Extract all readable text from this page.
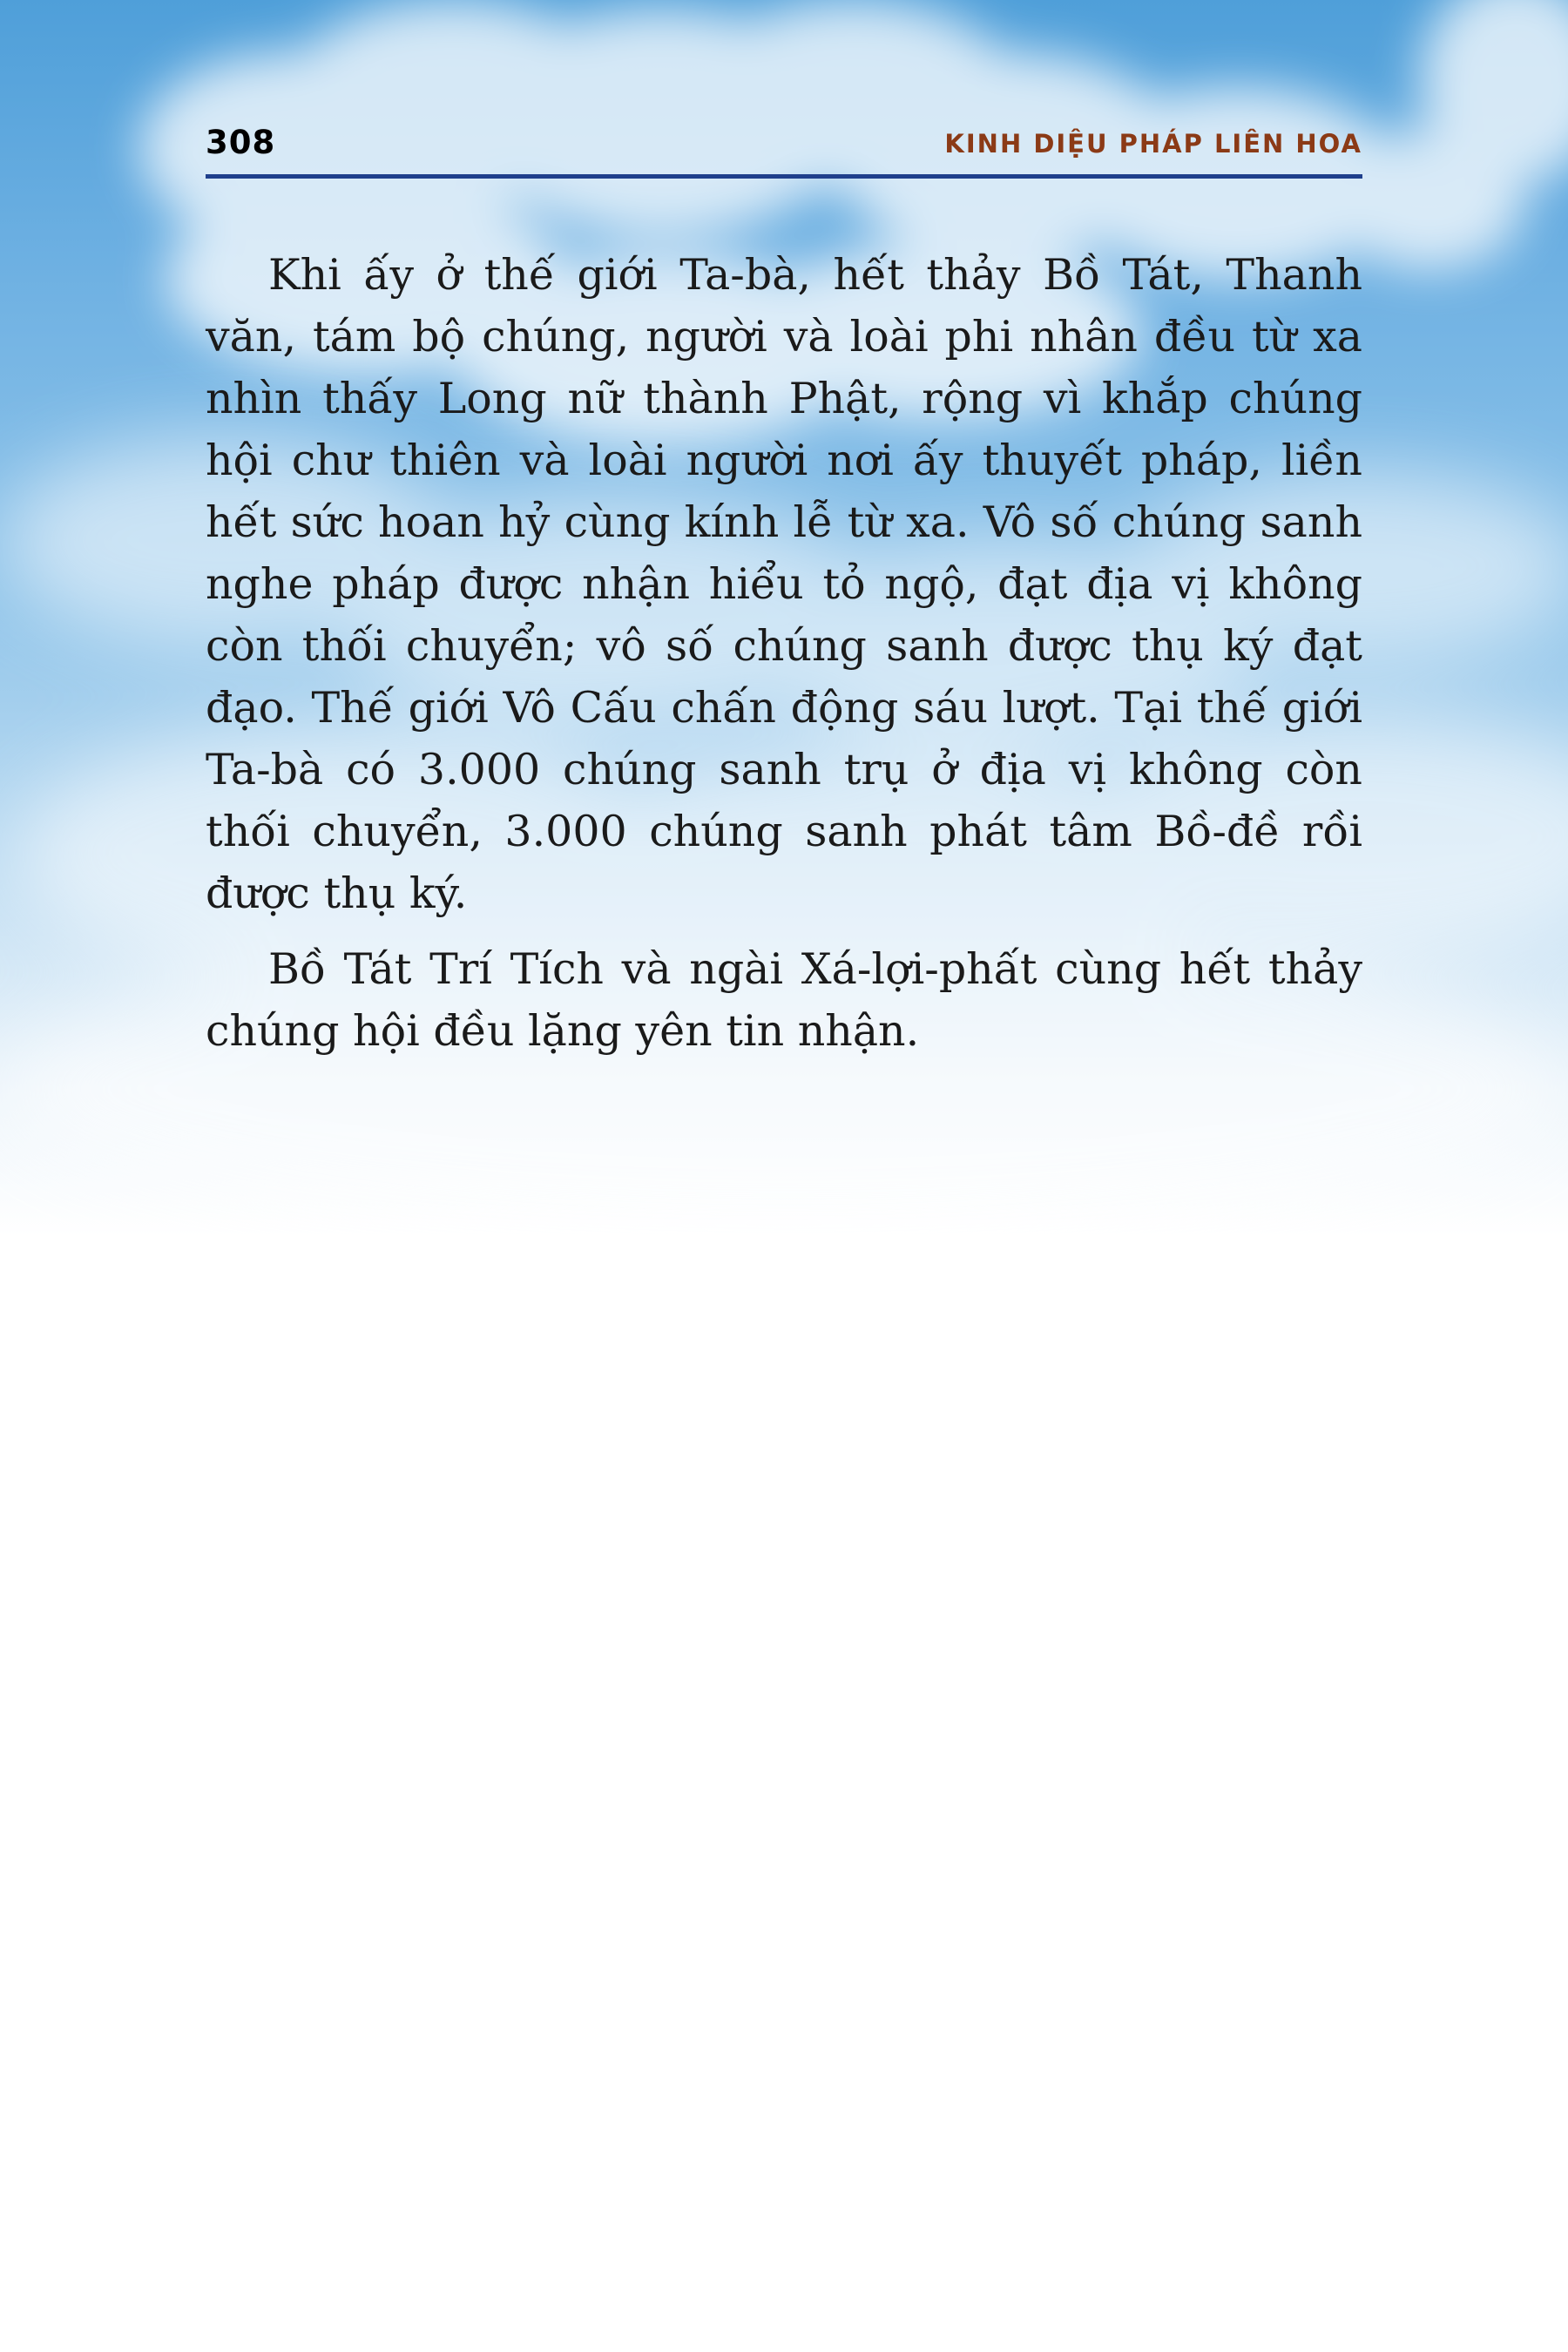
308	KINH DIỆU PHÁP LIÊN HOA

Khi ấy ở thế giới Ta-bà, hết thảy Bồ Tát, Thanh văn, tám bộ chúng, người và loài phi nhân đều từ xa nhìn thấy Long nữ thành Phật, rộng vì khắp chúng hội chư thiên và loài người nơi ấy thuyết pháp, liền hết sức hoan hỷ cùng kính lễ từ xa. Vô số chúng sanh nghe pháp được nhận hiểu tỏ ngộ, đạt địa vị không còn thối chuyển; vô số chúng sanh được thụ ký đạt đạo. Thế giới Vô Cấu chấn động sáu lượt. Tại thế giới Ta-bà có 3.000 chúng sanh trụ ở địa vị không còn thối chuyển, 3.000 chúng sanh phát tâm Bồ-đề rồi được thụ ký.

Bồ Tát Trí Tích và ngài Xá-lợi-phất cùng hết thảy chúng hội đều lặng yên tin nhận.
